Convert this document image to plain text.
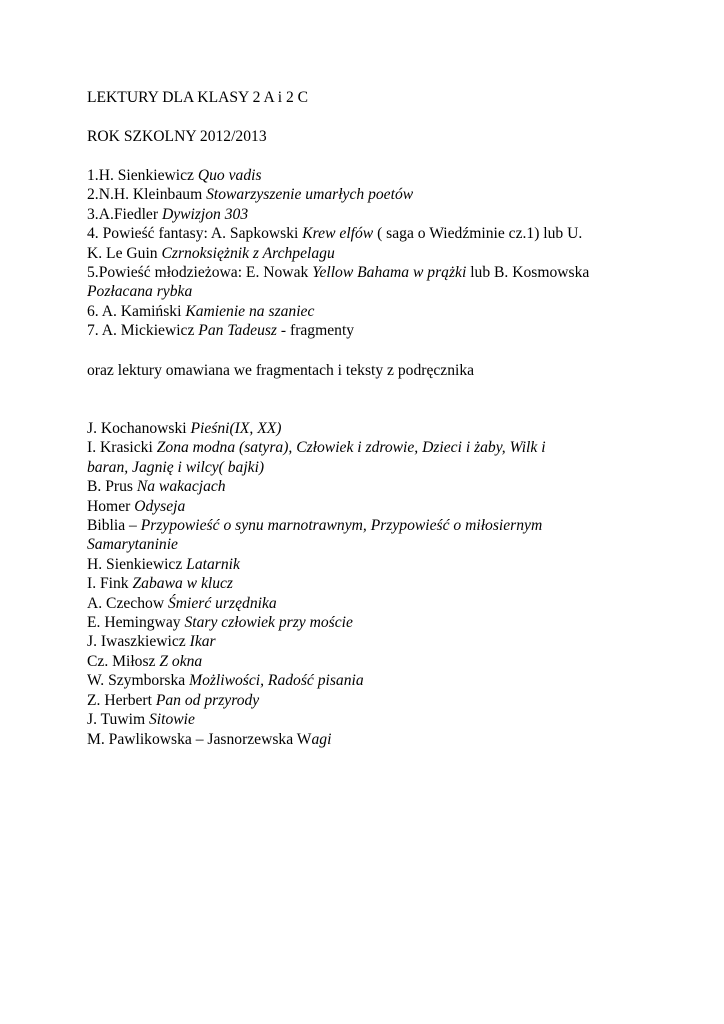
LEKTURY DLA KLASY 2 A i 2 C
ROK SZKOLNY 2012/2013
1.H. Sienkiewicz Quo vadis
2.N.H. Kleinbaum Stowarzyszenie umarłych poetów
3.A.Fiedler Dywizjon 303
4. Powieść fantasy: A. Sapkowski Krew elfów ( saga o Wiedźminie cz.1) lub U.
K. Le Guin Czrnoksiężnik z Archpelagu
5.Powieść młodzieżowa: E. Nowak Yellow Bahama w prążki lub B. Kosmowska
Pozłacana rybka
6. A. Kamiński Kamienie na szaniec
7. A. Mickiewicz Pan Tadeusz - fragmenty
oraz lektury omawiana we fragmentach i teksty z podręcznika
J. Kochanowski Pieśni(IX, XX)
I. Krasicki Zona modna (satyra), Człowiek i zdrowie, Dzieci i żaby, Wilk i
baran, Jagnię i wilcy( bajki)
B. Prus Na wakacjach
Homer Odyseja
Biblia – Przypowieść o synu marnotrawnym, Przypowieść o miłosiernym
Samarytaninie
H. Sienkiewicz Latarnik
I. Fink Zabawa w klucz
A. Czechow Śmierć urzędnika
E. Hemingway Stary człowiek przy moście
J. Iwaszkiewicz Ikar
Cz. Miłosz Z okna
W. Szymborska Możliwości, Radość pisania
Z. Herbert Pan od przyrody
J. Tuwim Sitowie
M. Pawlikowska – Jasnorzewska Wagi
